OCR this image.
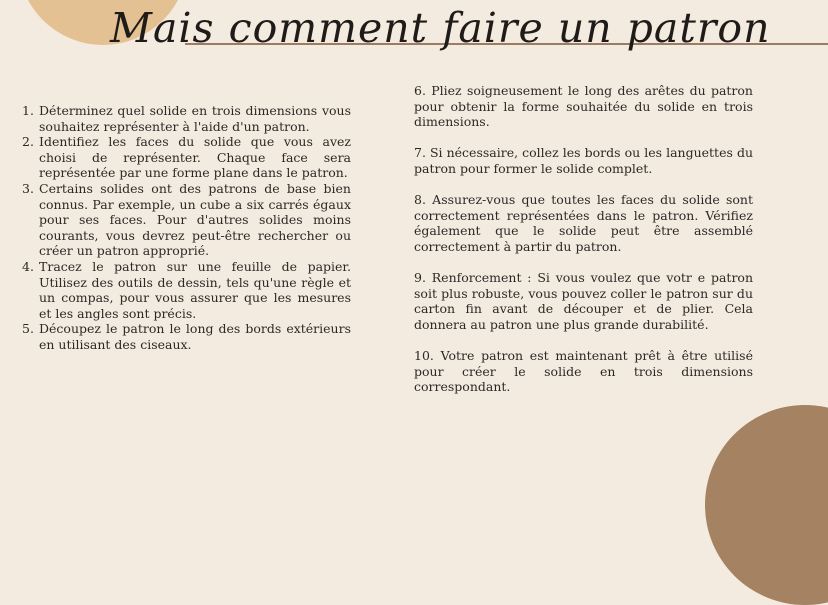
Mais comment faire un patron
1. Déterminez quel solide en trois dimensions vous souhaitez représenter à l'aide d'un patron.
2. Identifiez les faces du solide que vous avez choisi de représenter. Chaque face sera représentée par une forme plane dans le patron.
3. Certains solides ont des patrons de base bien connus. Par exemple, un cube a six carrés égaux pour ses faces. Pour d'autres solides moins courants, vous devrez peut-être rechercher ou créer un patron approprié.
4. Tracez le patron sur une feuille de papier. Utilisez des outils de dessin, tels qu'une règle et un compas, pour vous assurer que les mesures et les angles sont précis.
5. Découpez le patron le long des bords extérieurs en utilisant des ciseaux.

6. Pliez soigneusement le long des arêtes du patron pour obtenir la forme souhaitée du solide en trois dimensions.

7. Si nécessaire, collez les bords ou les languettes du patron pour former le solide complet.

8. Assurez-vous que toutes les faces du solide sont correctement représentées dans le patron. Vérifiez également que le solide peut être assemblé correctement à partir du patron.

9. Renforcement : Si vous voulez que votr e patron soit plus robuste, vous pouvez coller le patron sur du carton fin avant de découper et de plier. Cela donnera au patron une plus grande durabilité.

10. Votre patron est maintenant prêt à être utilisé pour créer le solide en trois dimensions correspondant.
